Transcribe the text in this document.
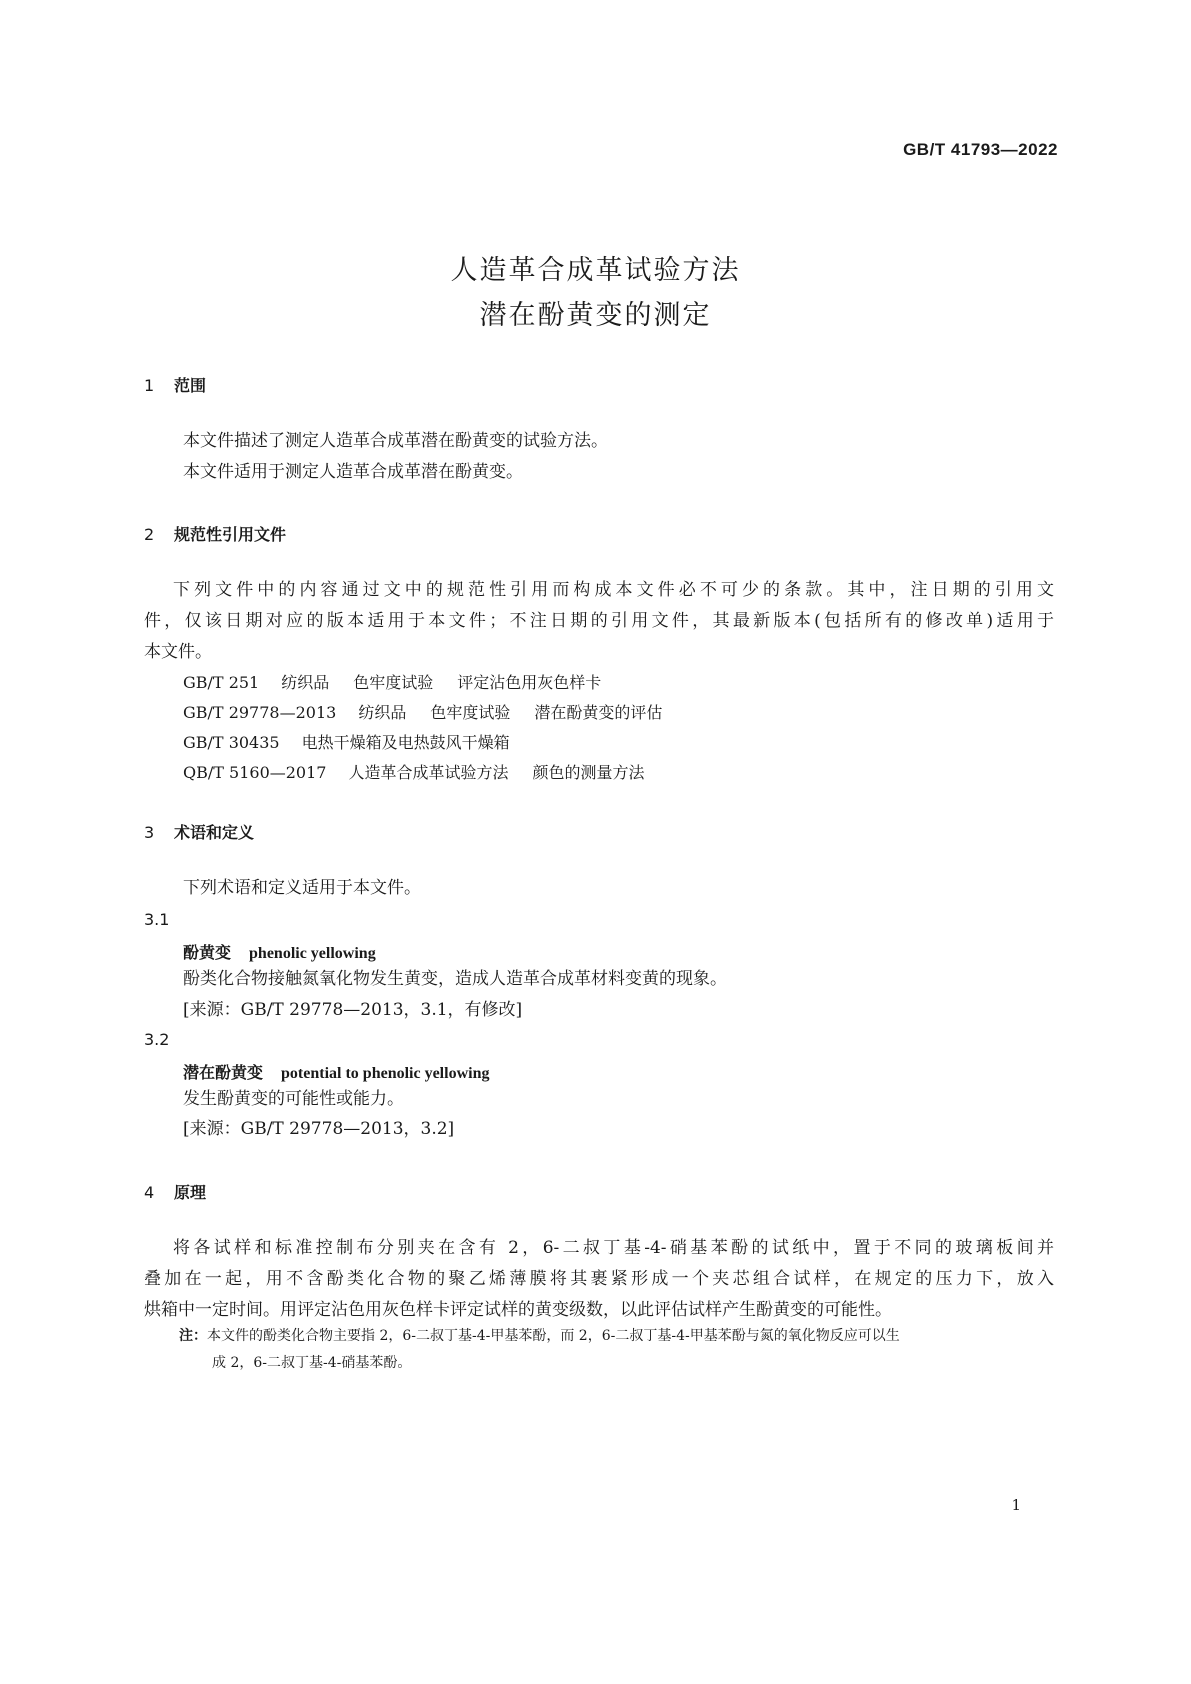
GB/T 41793—2022
人造革合成革试验方法
潜在酚黄变的测定
1 范围
本文件描述了测定人造革合成革潜在酚黄变的试验方法。
本文件适用于测定人造革合成革潜在酚黄变。
2 规范性引用文件
下列文件中的内容通过文中的规范性引用而构成本文件必不可少的条款。其中，注日期的引用文
件，仅该日期对应的版本适用于本文件；不注日期的引用文件，其最新版本(包括所有的修改单)适用于
本文件。
GB/T 251 纺织品 色牢度试验 评定沾色用灰色样卡
GB/T 29778—2013 纺织品 色牢度试验 潜在酚黄变的评估
GB/T 30435 电热干燥箱及电热鼓风干燥箱
QB/T 5160—2017 人造革合成革试验方法 颜色的测量方法
3 术语和定义
下列术语和定义适用于本文件。
3.1
酚黄变 phenolic yellowing
酚类化合物接触氮氧化物发生黄变，造成人造革合成革材料变黄的现象。
[来源：GB/T 29778—2013，3.1，有修改]
3.2
潜在酚黄变 potential to phenolic yellowing
发生酚黄变的可能性或能力。
[来源：GB/T 29778—2013，3.2]
4 原理
将各试样和标准控制布分别夹在含有 2，6-二叔丁基-4-硝基苯酚的试纸中，置于不同的玻璃板间并
叠加在一起，用不含酚类化合物的聚乙烯薄膜将其裹紧形成一个夹芯组合试样，在规定的压力下，放入
烘箱中一定时间。用评定沾色用灰色样卡评定试样的黄变级数，以此评估试样产生酚黄变的可能性。
注：本文件的酚类化合物主要指 2，6-二叔丁基-4-甲基苯酚，而 2，6-二叔丁基-4-甲基苯酚与氮的氧化物反应可以生
成 2，6-二叔丁基-4-硝基苯酚。
1
